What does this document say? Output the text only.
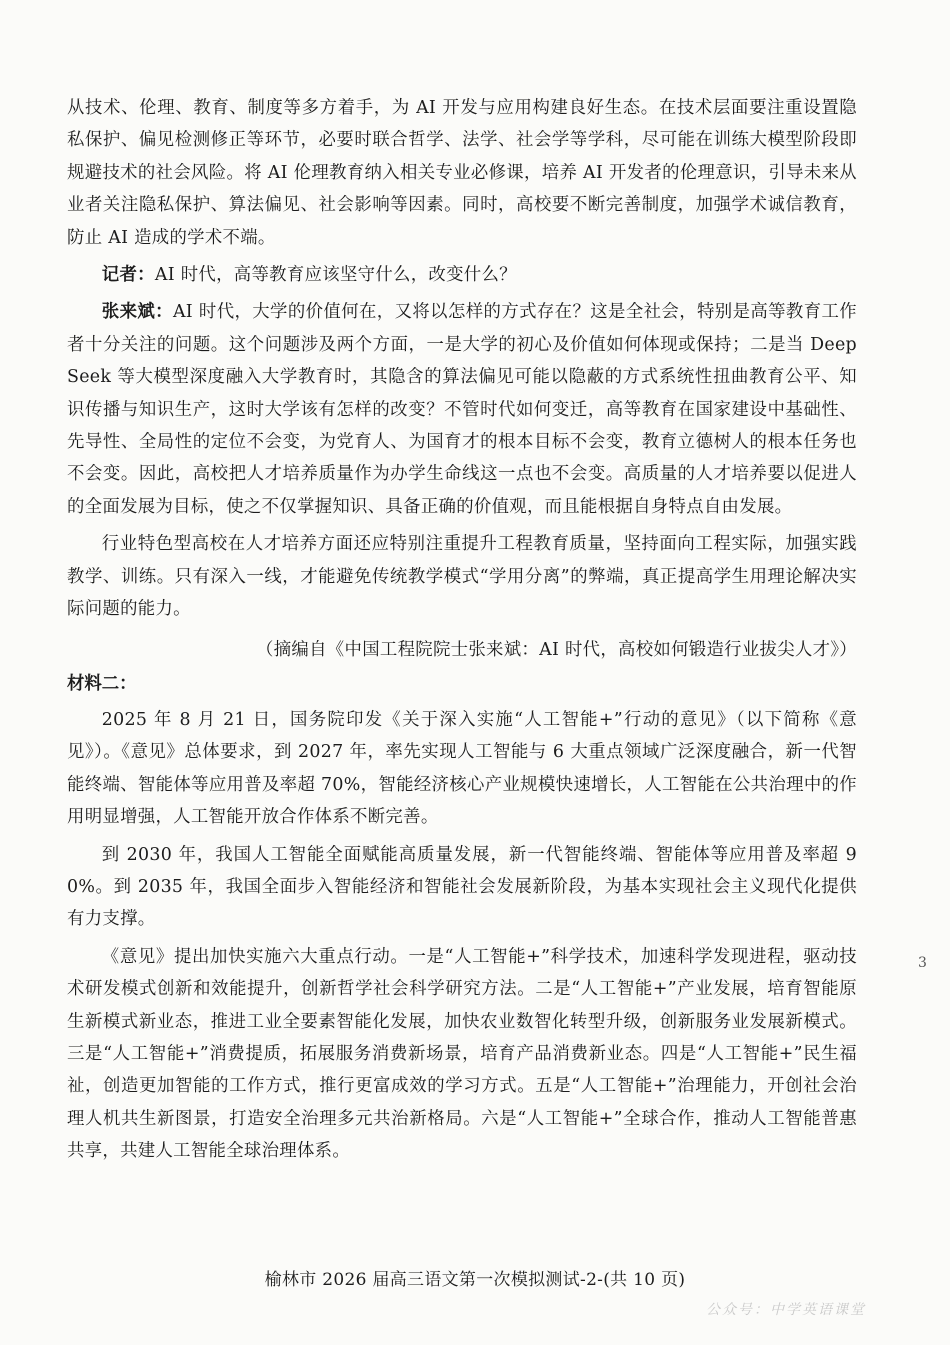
从技术、伦理、教育、制度等多方着手，为 AI 开发与应用构建良好生态。在技术层面要注重设置隐私保护、偏见检测修正等环节，必要时联合哲学、法学、社会学等学科，尽可能在训练大模型阶段即规避技术的社会风险。将 AI 伦理教育纳入相关专业必修课，培养 AI 开发者的伦理意识，引导未来从业者关注隐私保护、算法偏见、社会影响等因素。同时，高校要不断完善制度，加强学术诚信教育，防止 AI 造成的学术不端。

记者：AI 时代，高等教育应该坚守什么，改变什么？

张来斌：AI 时代，大学的价值何在，又将以怎样的方式存在？这是全社会，特别是高等教育工作者十分关注的问题。这个问题涉及两个方面，一是大学的初心及价值如何体现或保持；二是当 DeepSeek 等大模型深度融入大学教育时，其隐含的算法偏见可能以隐蔽的方式系统性扭曲教育公平、知识传播与知识生产，这时大学该有怎样的改变？不管时代如何变迁，高等教育在国家建设中基础性、先导性、全局性的定位不会变，为党育人、为国育才的根本目标不会变，教育立德树人的根本任务也不会变。因此，高校把人才培养质量作为办学生命线这一点也不会变。高质量的人才培养要以促进人的全面发展为目标，使之不仅掌握知识、具备正确的价值观，而且能根据自身特点自由发展。

行业特色型高校在人才培养方面还应特别注重提升工程教育质量，坚持面向工程实际，加强实践教学、训练。只有深入一线，才能避免传统教学模式“学用分离”的弊端，真正提高学生用理论解决实际问题的能力。

（摘编自《中国工程院院士张来斌：AI 时代，高校如何锻造行业拔尖人才》）

材料二：

2025 年 8 月 21 日，国务院印发《关于深入实施“人工智能+”行动的意见》（以下简称《意见》）。《意见》总体要求，到 2027 年，率先实现人工智能与 6 大重点领域广泛深度融合，新一代智能终端、智能体等应用普及率超 70%，智能经济核心产业规模快速增长，人工智能在公共治理中的作用明显增强，人工智能开放合作体系不断完善。

到 2030 年，我国人工智能全面赋能高质量发展，新一代智能终端、智能体等应用普及率超 90%。到 2035 年，我国全面步入智能经济和智能社会发展新阶段，为基本实现社会主义现代化提供有力支撑。

《意见》提出加快实施六大重点行动。一是“人工智能+”科学技术，加速科学发现进程，驱动技术研发模式创新和效能提升，创新哲学社会科学研究方法。二是“人工智能+”产业发展，培育智能原生新模式新业态，推进工业全要素智能化发展，加快农业数智化转型升级，创新服务业发展新模式。三是“人工智能+”消费提质，拓展服务消费新场景，培育产品消费新业态。四是“人工智能+”民生福祉，创造更加智能的工作方式，推行更富成效的学习方式。五是“人工智能+”治理能力，开创社会治理人机共生新图景，打造安全治理多元共治新格局。六是“人工智能+”全球合作，推动人工智能普惠共享，共建人工智能全球治理体系。

3
榆林市 2026 届高三语文第一次模拟测试-2-(共 10 页)
公众号：中学英语课堂
